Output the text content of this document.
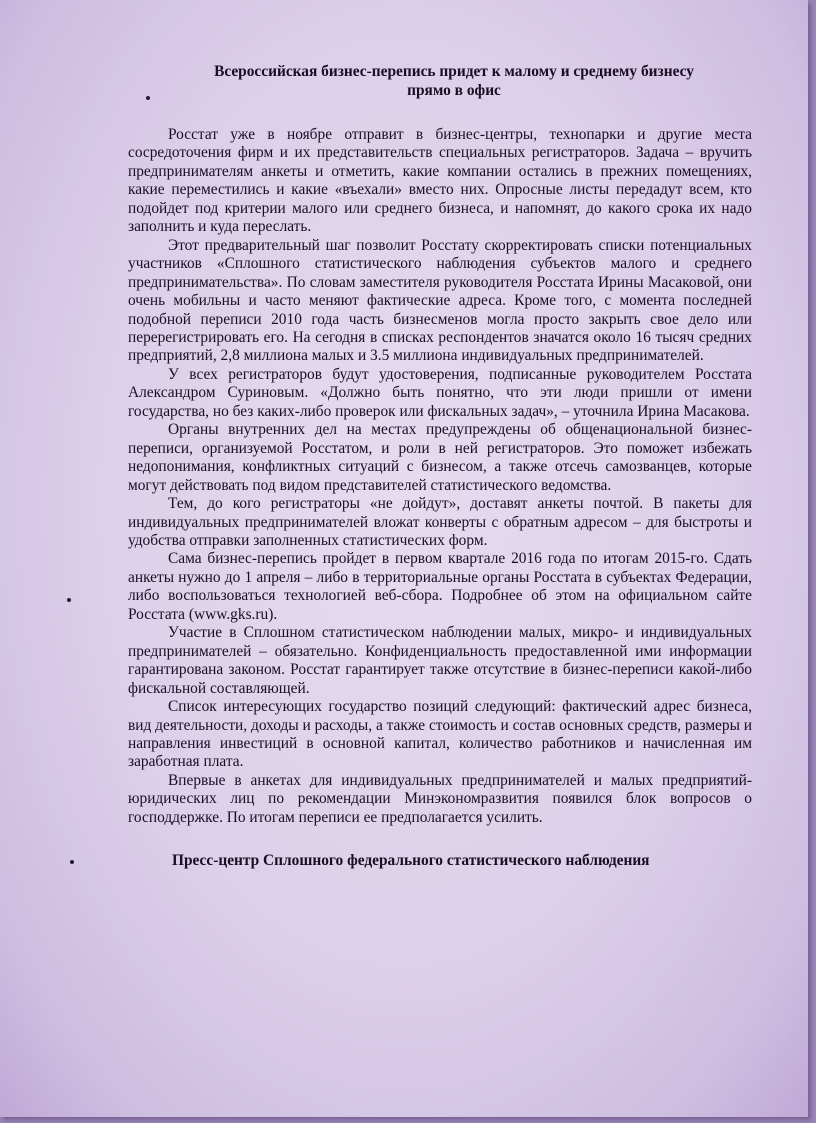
Всероссийская бизнес-перепись придет к малому и среднему бизнесу
прямо в офис

Росстат уже в ноябре отправит в бизнес-центры, технопарки и другие места сосредоточения фирм и их представительств специальных регистраторов. Задача – вручить предпринимателям анкеты и отметить, какие компании остались в прежних помещениях, какие переместились и какие «въехали» вместо них. Опросные листы передадут всем, кто подойдет под критерии малого или среднего бизнеса, и напомнят, до какого срока их надо заполнить и куда переслать.

Этот предварительный шаг позволит Росстату скорректировать списки потенциальных участников «Сплошного статистического наблюдения субъектов малого и среднего предпринимательства». По словам заместителя руководителя Росстата Ирины Масаковой, они очень мобильны и часто меняют фактические адреса. Кроме того, с момента последней подобной переписи 2010 года часть бизнесменов могла просто закрыть свое дело или перерегистрировать его. На сегодня в списках респондентов значатся около 16 тысяч средних предприятий, 2,8 миллиона малых и 3.5 миллиона индивидуальных предпринимателей.

У всех регистраторов будут удостоверения, подписанные руководителем Росстата Александром Суриновым. «Должно быть понятно, что эти люди пришли от имени государства, но без каких-либо проверок или фискальных задач», – уточнила Ирина Масакова.

Органы внутренних дел на местах предупреждены об общенациональной бизнес-переписи, организуемой Росстатом, и роли в ней регистраторов. Это поможет избежать недопонимания, конфликтных ситуаций с бизнесом, а также отсечь самозванцев, которые могут действовать под видом представителей статистического ведомства.

Тем, до кого регистраторы «не дойдут», доставят анкеты почтой. В пакеты для индивидуальных предпринимателей вложат конверты с обратным адресом – для быстроты и удобства отправки заполненных статистических форм.

Сама бизнес-перепись пройдет в первом квартале 2016 года по итогам 2015-го. Сдать анкеты нужно до 1 апреля – либо в территориальные органы Росстата в субъектах Федерации, либо воспользоваться технологией веб-сбора. Подробнее об этом на официальном сайте Росстата (www.gks.ru).

Участие в Сплошном статистическом наблюдении малых, микро- и индивидуальных предпринимателей – обязательно. Конфиденциальность предоставленной ими информации гарантирована законом. Росстат гарантирует также отсутствие в бизнес-переписи какой-либо фискальной составляющей.

Список интересующих государство позиций следующий: фактический адрес бизнеса, вид деятельности, доходы и расходы, а также стоимость и состав основных средств, размеры и направления инвестиций в основной капитал, количество работников и начисленная им заработная плата.

Впервые в анкетах для индивидуальных предпринимателей и малых предприятий-юридических лиц по рекомендации Минэкономразвития появился блок вопросов о господдержке. По итогам переписи ее предполагается усилить.

Пресс-центр Сплошного федерального статистического наблюдения
